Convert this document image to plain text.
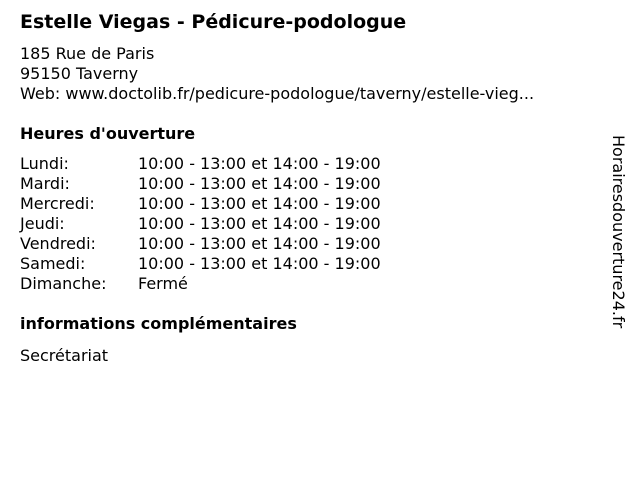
Estelle Viegas - Pédicure-podologue
185 Rue de Paris
95150 Taverny
Web: www.doctolib.fr/pedicure-podologue/taverny/estelle-vieg...
Heures d'ouverture
Lundi:	10:00 - 13:00 et 14:00 - 19:00
Mardi:	10:00 - 13:00 et 14:00 - 19:00
Mercredi:	10:00 - 13:00 et 14:00 - 19:00
Jeudi:	10:00 - 13:00 et 14:00 - 19:00
Vendredi:	10:00 - 13:00 et 14:00 - 19:00
Samedi:	10:00 - 13:00 et 14:00 - 19:00
Dimanche: Fermé
informations complémentaires
Secrétariat
Horairesdouverture24.fr
